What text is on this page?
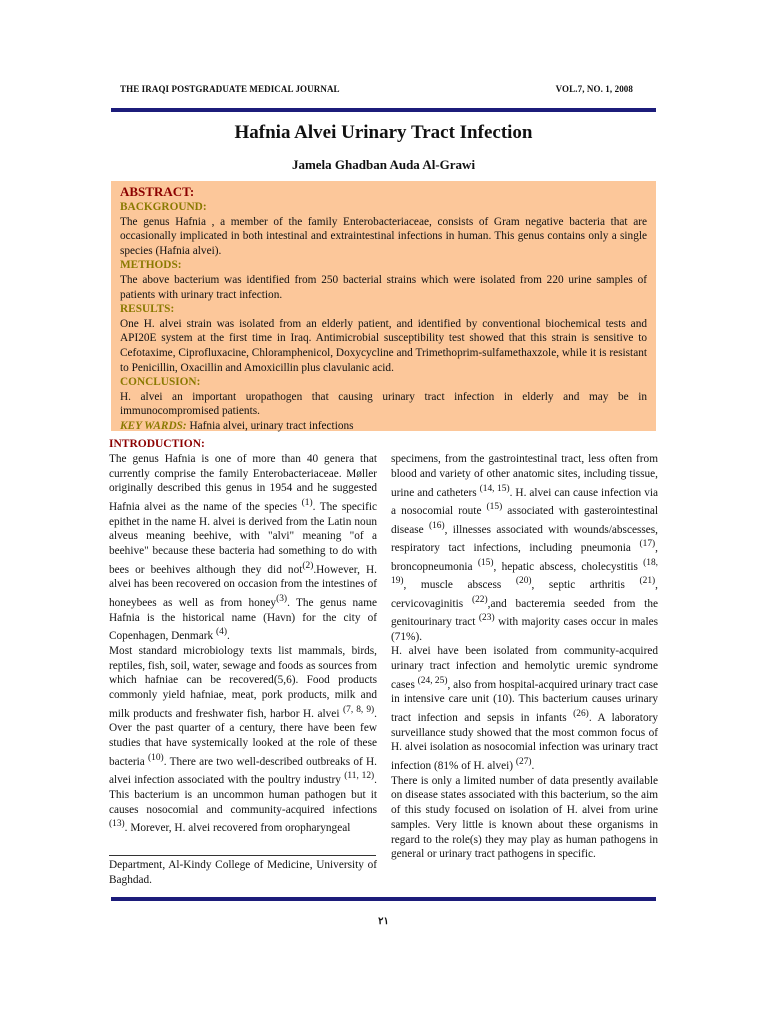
THE IRAQI POSTGRADUATE MEDICAL JOURNAL	VOL.7, NO. 1, 2008
Hafnia Alvei Urinary Tract Infection
Jamela Ghadban Auda Al-Grawi
ABSTRACT:
BACKGROUND:

The genus Hafnia , a member of the family Enterobacteriaceae, consists of Gram negative bacteria that are occasionally implicated in both intestinal and extraintestinal infections in human. This genus contains only a single species (Hafnia alvei).

METHODS:

The above bacterium was identified from 250 bacterial strains which were isolated from 220 urine samples of patients with urinary tract infection.

RESULTS:

One H. alvei strain was isolated from an elderly patient, and identified by conventional biochemical tests and API20E system at the first time in Iraq. Antimicrobial susceptibility test showed that this strain is sensitive to Cefotaxime, Ciprofluxacine, Chloramphenicol, Doxycycline and Trimethoprim-sulfamethaxzole, while it is resistant to Penicillin, Oxacillin and Amoxicillin plus clavulanic acid.

CONCLUSION:

H. alvei an important uropathogen that causing urinary tract infection in elderly and may be in immunocompromised patients.

KEY WARDS: Hafnia alvei, urinary tract infections

INTRODUCTION:

The genus Hafnia is one of more than 40 genera that currently comprise the family Enterobacteriaceae. Møller originally described this genus in 1954 and he suggested Hafnia alvei as the name of the species $^{(1)}$. The specific epithet in the name H. alvei is derived from the Latin noun alveus meaning beehive, with "alvi" meaning "of a beehive" because these bacteria had something to do with bees or beehives although they did not$^{(2)}$.However, H. alvei has been recovered on occasion from the intestines of honeybees as well as from honey$^{(3)}$. The genus name Hafnia is the historical name (Havn) for the city of Copenhagen, Denmark $^{(4)}$.

Most standard microbiology texts list mammals, birds, reptiles, fish, soil, water, sewage and foods as sources from which hafniae can be recovered(5,6). Food products commonly yield hafniae, meat, pork products, milk and milk products and freshwater fish, harbor H. alvei $^{(7, 8, 9)}$. Over the past quarter of a century, there have been few studies that have systemically looked at the role of these bacteria $^{(10)}$. There are two well-described outbreaks of H. alvei infection associated with the poultry industry $^{(11, 12)}$. This bacterium is an uncommon human pathogen but it causes nosocomial and community-acquired infections $^{(13)}$. Morever, H. alvei recovered from oropharyngeal

specimens, from the gastrointestinal tract, less often from blood and variety of other anatomic sites, including tissue, urine and catheters $^{(14, 15)}$. H. alvei can cause infection via a nosocomial route $^{(15)}$ associated with gasterointestinal disease $^{(16)}$, illnesses associated with wounds/abscesses, respiratory tact infections, including pneumonia $^{(17)}$, broncopneumonia $^{(15)}$, hepatic abscess, cholecystitis $^{(18, 19)}$, muscle abscess $^{(20)}$, septic arthritis $^{(21)}$, cervicovaginitis $^{(22)}$,and bacteremia seeded from the genitourinary tract $^{(23)}$ with majority cases occur in males (71%).

H. alvei have been isolated from community-acquired urinary tract infection and hemolytic uremic syndrome cases $^{(24, 25)}$, also from hospital-acquired urinary tract case in intensive care unit (10). This bacterium causes urinary tract infection and sepsis in infants $^{(26)}$. A laboratory surveillance study showed that the most common focus of H. alvei isolation as nosocomial infection was urinary tract infection (81% of H. alvei) $^{(27)}$.

There is only a limited number of data presently available on disease states associated with this bacterium, so the aim of this study focused on isolation of H. alvei from urine samples. Very little is known about these organisms in regard to the role(s) they may play as human pathogens in general or urinary tract pathogens in specific.

Department, Al-Kindy College of Medicine, University of Baghdad.
٢١
